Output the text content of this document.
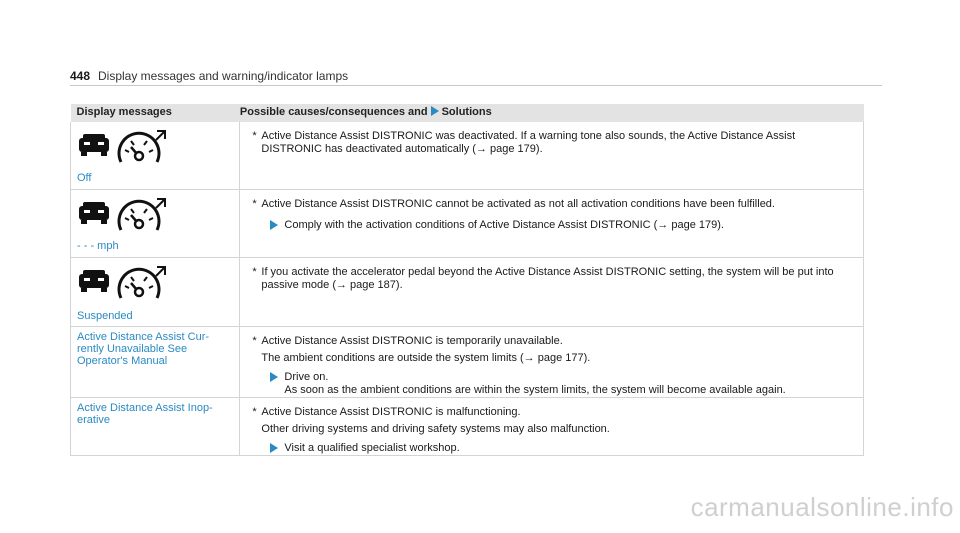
448 Display messages and warning/indicator lamps
Display messages	Possible causes/consequences and Solutions

Off	* Active Distance Assist DISTRONIC was deactivated. If a warning tone also sounds, the Active Distance Assist DISTRONIC has deactivated automatically (→ page 179).

- - - mph	* Active Distance Assist DISTRONIC cannot be activated as not all activation conditions have been fulfilled.
Comply with the activation conditions of Active Distance Assist DISTRONIC (→ page 179).

Suspended	* If you activate the accelerator pedal beyond the Active Distance Assist DISTRONIC setting, the system will be put into passive mode (→ page 187).

Active Distance Assist Cur-rently Unavailable See Operator's Manual	* Active Distance Assist DISTRONIC is temporarily unavailable.
The ambient conditions are outside the system limits (→ page 177).
Drive on.
As soon as the ambient conditions are within the system limits, the system will become available again.

Active Distance Assist Inop-erative	* Active Distance Assist DISTRONIC is malfunctioning.
Other driving systems and driving safety systems may also malfunction.
Visit a qualified specialist workshop.
carmanualsonline.info
